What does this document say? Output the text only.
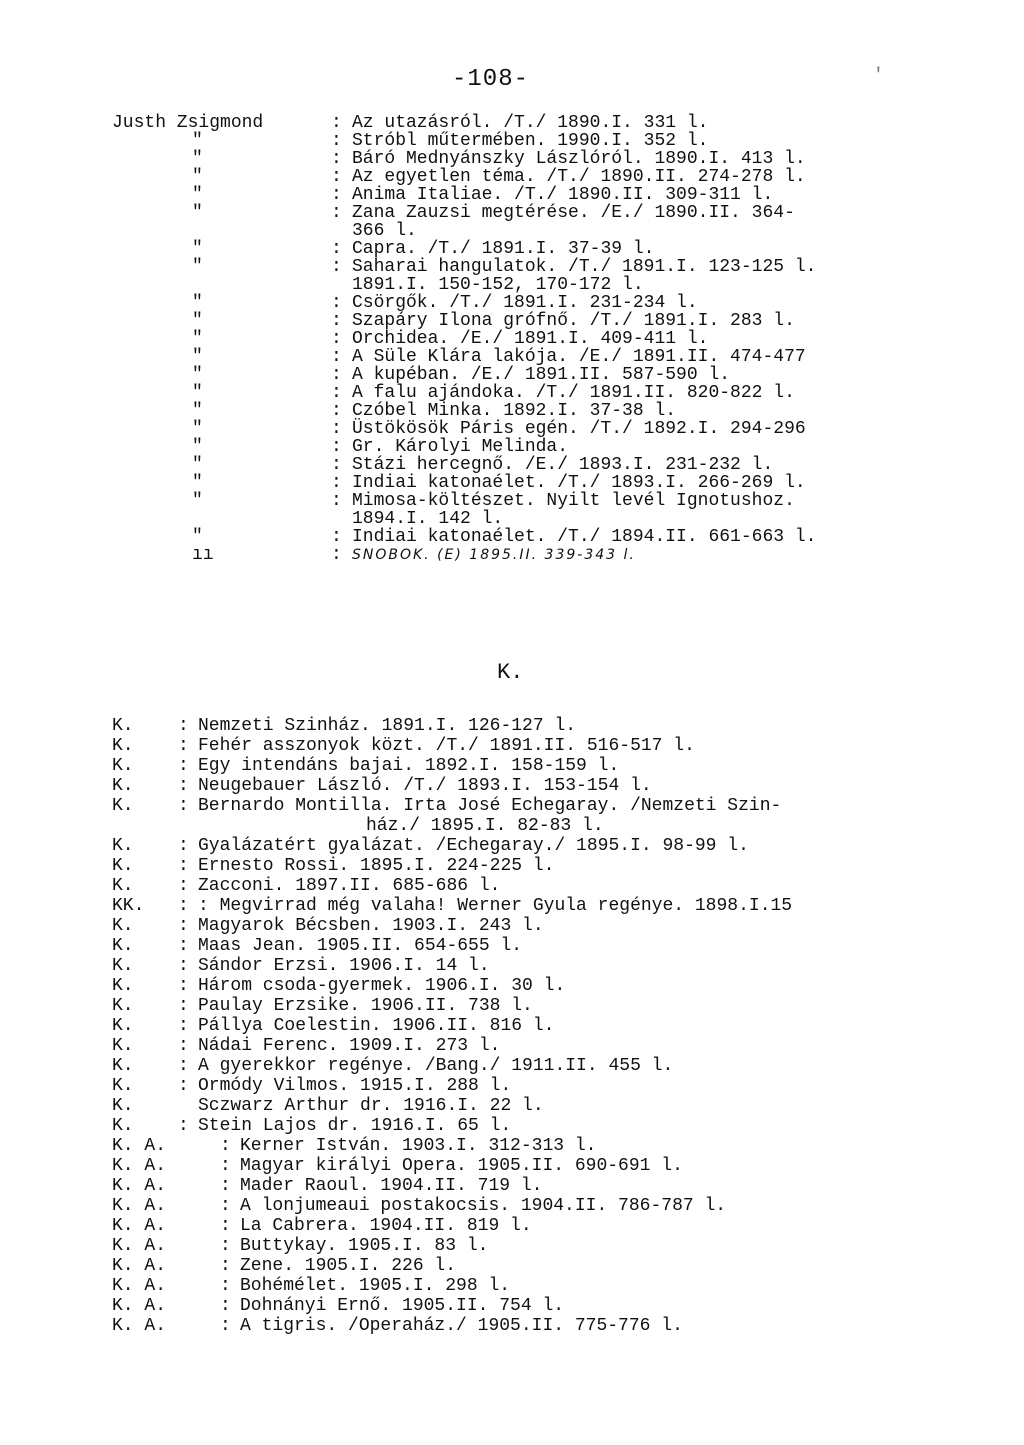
-108-	'
Justh Zsigmond	: Az utazásról. /T./ 1890.I. 331 l.
"	: Stróbl műtermében. 1990.I. 352 l.
"	: Báró Mednyánszky Lászlóról. 1890.I. 413 l.
"	: Az egyetlen téma. /T./ 1890.II. 274-278 l.
"	: Anima Italiae. /T./ 1890.II. 309-311 l.
"	: Zana Zauzsi megtérése. /E./ 1890.II. 364-
366 l.
"	: Capra. /T./ 1891.I. 37-39 l.
"	: Saharai hangulatok. /T./ 1891.I. 123-125 l.
1891.I. 150-152, 170-172 l.
"	: Csörgők. /T./ 1891.I. 231-234 l.
"	: Szapáry Ilona grófnő. /T./ 1891.I. 283 l.
"	: Orchidea. /E./ 1891.I. 409-411 l.
"	: A Süle Klára lakója. /E./ 1891.II. 474-477
"	: A kupéban. /E./ 1891.II. 587-590 l.
"	: A falu ajándoka. /T./ 1891.II. 820-822 l.
"	: Czóbel Minka. 1892.I. 37-38 l.
"	: Üstökösök Páris egén. /T./ 1892.I. 294-296
"	: Gr. Károlyi Melinda.
"	: Stázi hercegnő. /E./ 1893.I. 231-232 l.
"	: Indiai katonaélet. /T./ 1893.I. 266-269 l.
"	: Mimosa-költészet. Nyilt levél Ignotushoz.
1894.I. 142 l.
"	: Indiai katonaélet. /T./ 1894.II. 661-663 l.
ıı	: SNOBOK. (E) 1895.II. 339-343 l.
K.
K. : Nemzeti Szinház. 1891.I. 126-127 l.
K. : Fehér asszonyok közt. /T./ 1891.II. 516-517 l.
K. : Egy intendáns bajai. 1892.I. 158-159 l.
K. : Neugebauer László. /T./ 1893.I. 153-154 l.
K. : Bernardo Montilla. Irta José Echegaray. /Nemzeti Szin-
ház./ 1895.I. 82-83 l.
K. : Gyalázatért gyalázat. /Echegaray./ 1895.I. 98-99 l.
K. : Ernesto Rossi. 1895.I. 224-225 l.
K. : Zacconi. 1897.II. 685-686 l.
KK. : : Megvirrad még valaha! Werner Gyula regénye. 1898.I.15
K. : Magyarok Bécsben. 1903.I. 243 l.
K. : Maas Jean. 1905.II. 654-655 l.
K. : Sándor Erzsi. 1906.I. 14 l.
K. : Három csoda-gyermek. 1906.I. 30 l.
K. : Paulay Erzsike. 1906.II. 738 l.
K. : Pállya Coelestin. 1906.II. 816 l.
K. : Nádai Ferenc. 1909.I. 273 l.
K. : A gyerekkor regénye. /Bang./ 1911.II. 455 l.
K. : Ormódy Vilmos. 1915.I. 288 l.
K.	Sczwarz Arthur dr. 1916.I. 22 l.
K. : Stein Lajos dr. 1916.I. 65 l.
K. A.	: Kerner István. 1903.I. 312-313 l.
K. A.	: Magyar királyi Opera. 1905.II. 690-691 l.
K. A.	: Mader Raoul. 1904.II. 719 l.
K. A.	: A lonjumeaui postakocsis. 1904.II. 786-787 l.
K. A.	: La Cabrera. 1904.II. 819 l.
K. A.	: Buttykay. 1905.I. 83 l.
K. A.	: Zene. 1905.I. 226 l.
K. A.	: Bohémélet. 1905.I. 298 l.
K. A.	: Dohnányi Ernő. 1905.II. 754 l.
K. A.	: A tigris. /Operaház./ 1905.II. 775-776 l.
